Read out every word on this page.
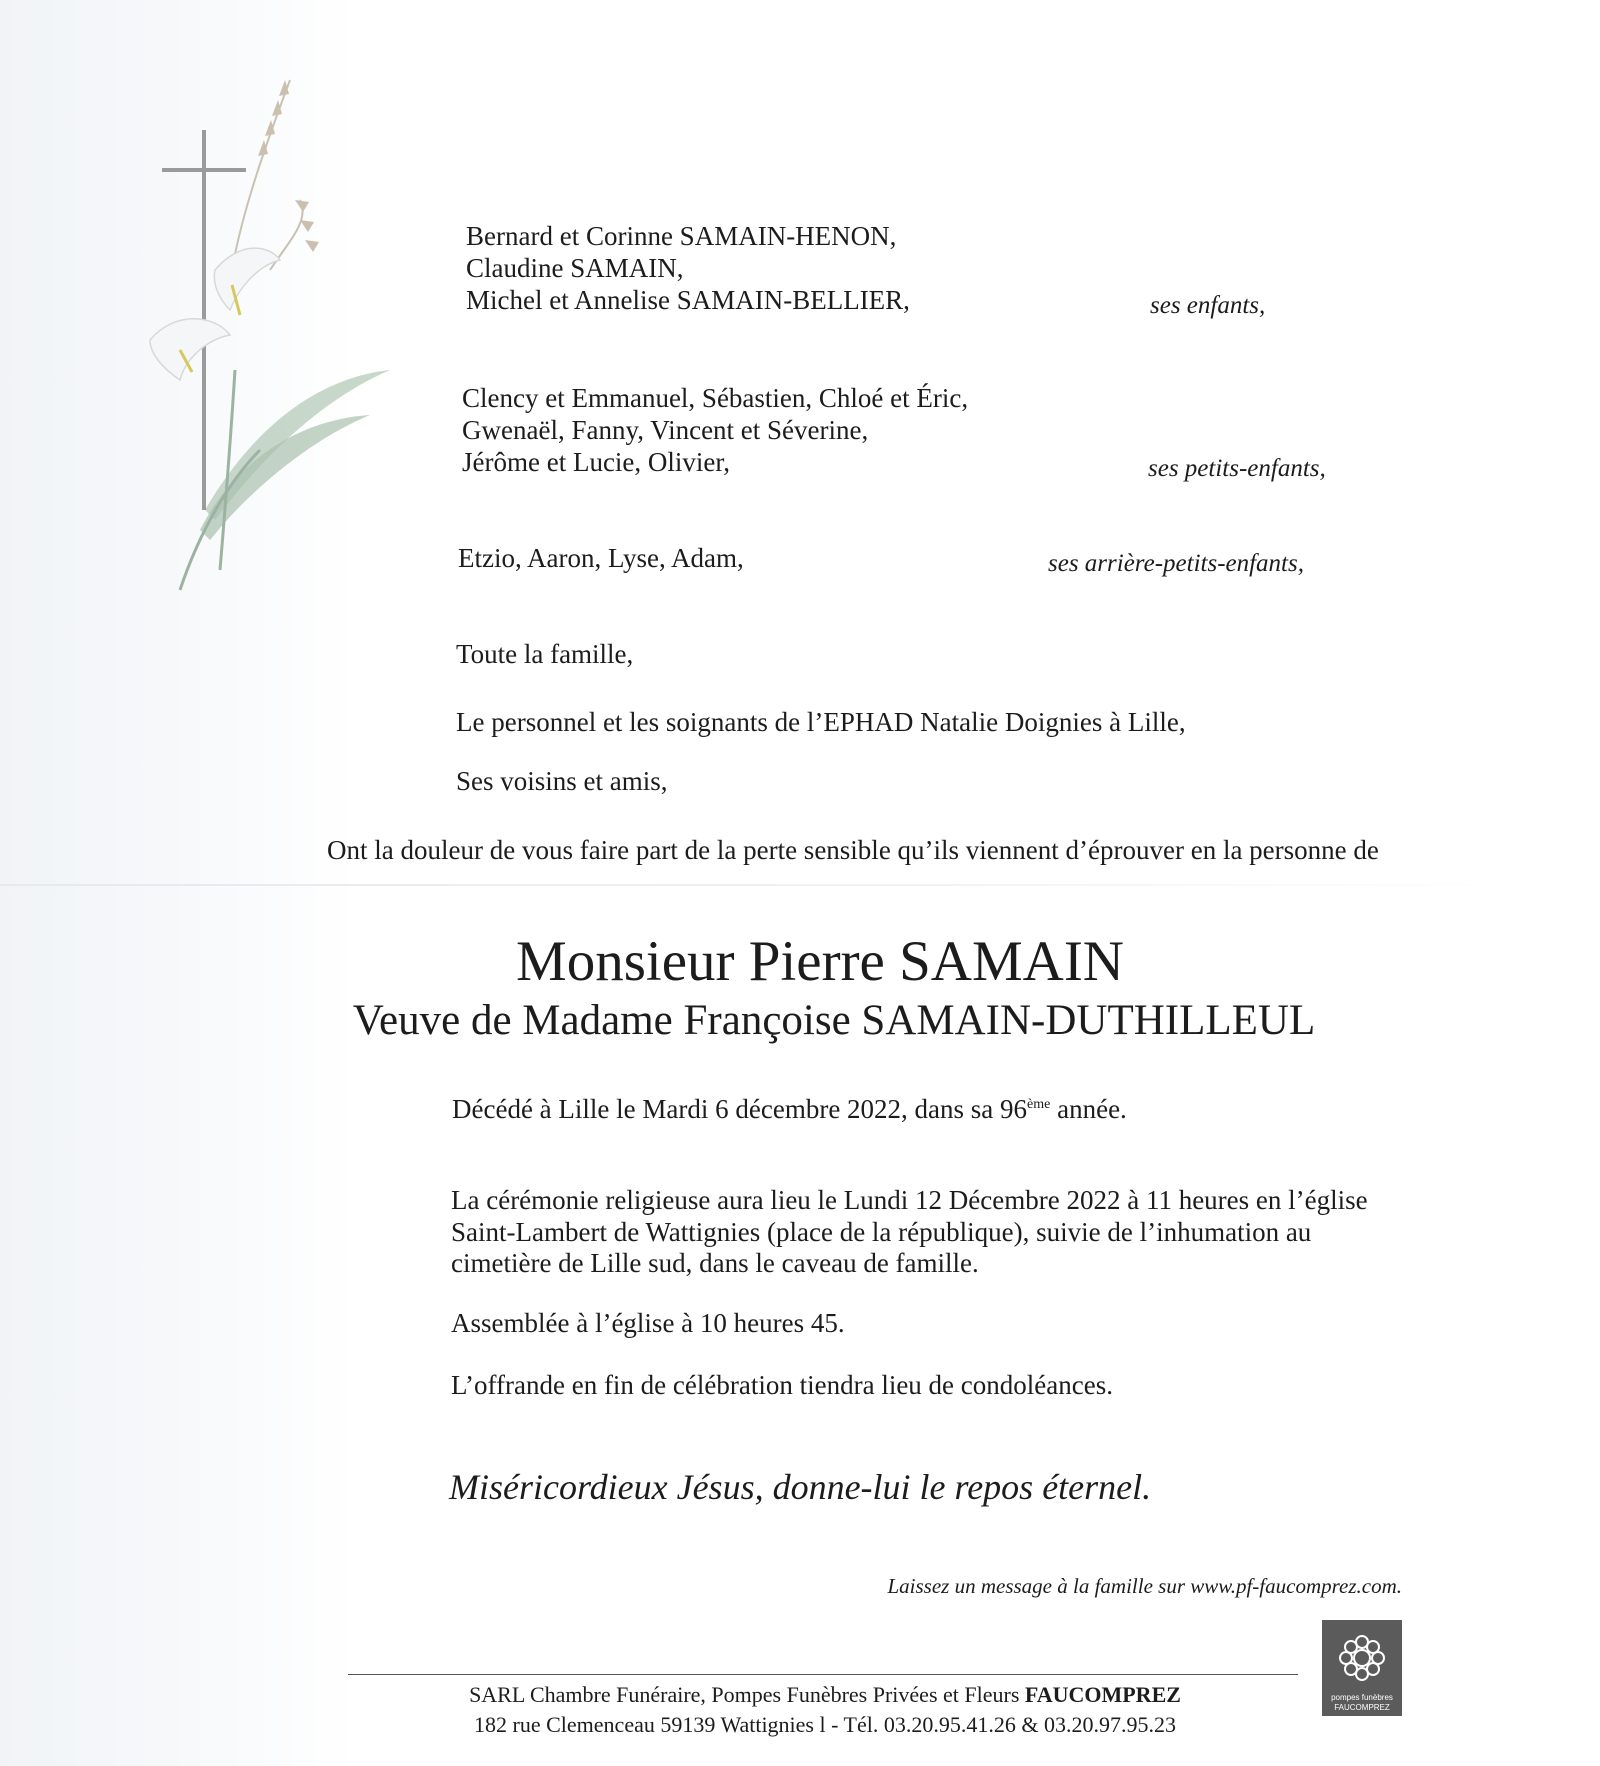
Bernard et Corinne SAMAIN-HENON,
Claudine SAMAIN,
Michel et Annelise SAMAIN-BELLIER,	ses enfants,
Clency et Emmanuel, Sébastien, Chloé et Éric,
Gwenaël, Fanny, Vincent et Séverine,
Jérôme et Lucie, Olivier,	ses petits-enfants,
Etzio, Aaron, Lyse, Adam,	ses arrière-petits-enfants,
Toute la famille,
Le personnel et les soignants de l’EPHAD Natalie Doignies à Lille,
Ses voisins et amis,
Ont la douleur de vous faire part de la perte sensible qu’ils viennent d’éprouver en la personne de
Monsieur Pierre SAMAIN
Veuve de Madame Françoise SAMAIN-DUTHILLEUL
Décédé à Lille le Mardi 6 décembre 2022, dans sa 96ème année.
La cérémonie religieuse aura lieu le Lundi 12 Décembre 2022 à 11 heures en l’église
Saint-Lambert de Wattignies (place de la république), suivie de l’inhumation au
cimetière de Lille sud, dans le caveau de famille.
Assemblée à l’église à 10 heures 45.
L’offrande en fin de célébration tiendra lieu de condoléances.
Miséricordieux Jésus, donne-lui le repos éternel.
Laissez un message à la famille sur www.pf-faucomprez.com.
SARL Chambre Funéraire, Pompes Funèbres Privées et Fleurs FAUCOMPREZ
182 rue Clemenceau 59139 Wattignies l - Tél. 03.20.95.41.26 & 03.20.97.95.23
pompes funèbres
FAUCOMPREZ
